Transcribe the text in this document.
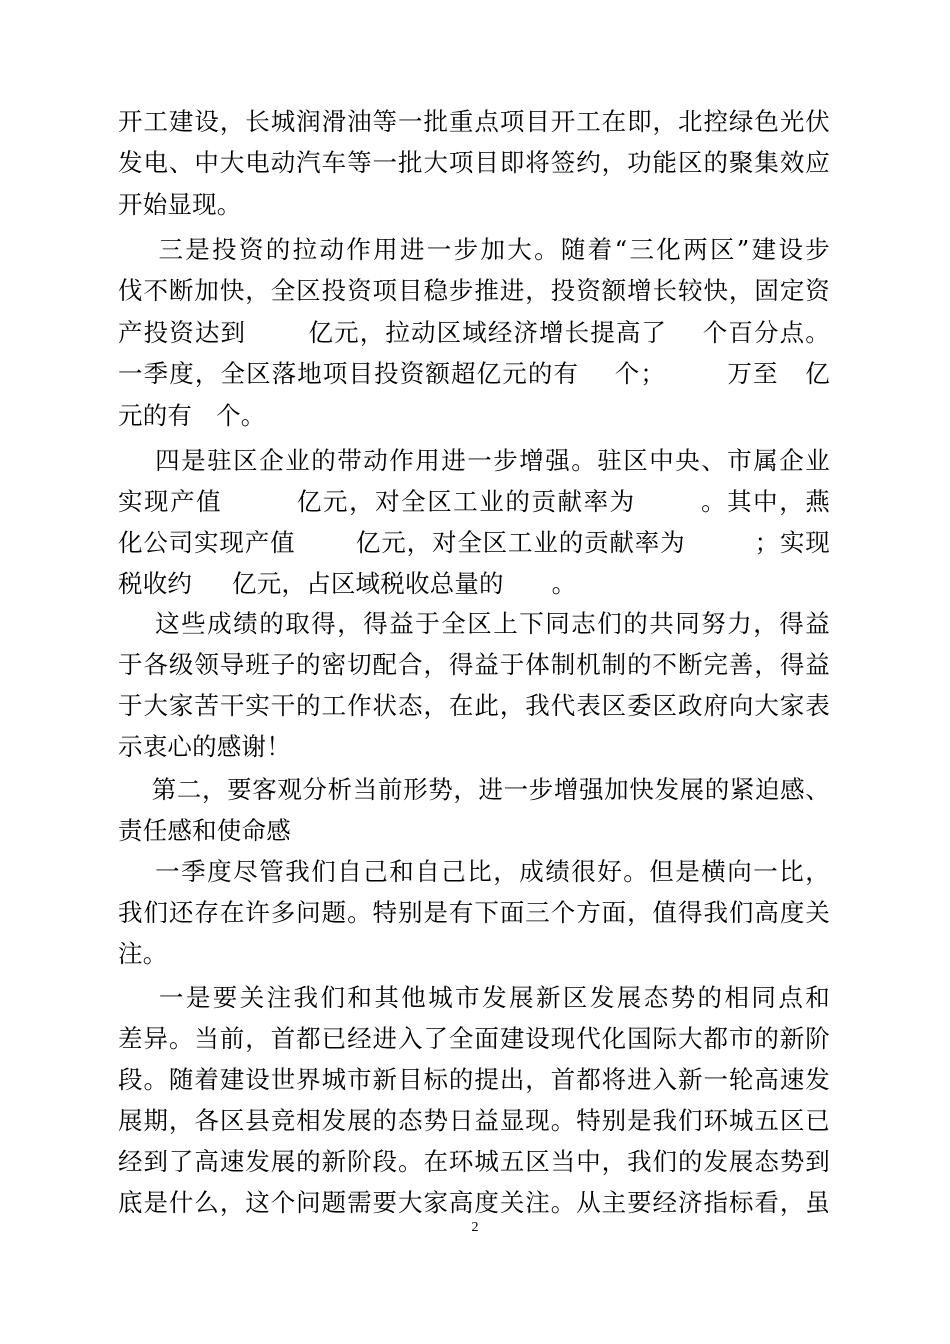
开工建设，长城润滑油等一批重点项目开工在即，北控绿色光伏
发电、中大电动汽车等一批大项目即将签约，功能区的聚集效应
开始显现。
三是投资的拉动作用进一步加大。随着“三化两区”建设步
伐不断加快，全区投资项目稳步推进，投资额增长较快，固定资
产投资达到       亿元，拉动区域经济增长提高了    个百分点。
一季度，全区落地项目投资额超亿元的有    个；       万至   亿
元的有   个。
四是驻区企业的带动作用进一步增强。驻区中央、市属企业
实现产值        亿元，对全区工业的贡献率为       。其中，燕
化公司实现产值       亿元，对全区工业的贡献率为        ；实现
税收约     亿元，占区域税收总量的      。
这些成绩的取得，得益于全区上下同志们的共同努力，得益
于各级领导班子的密切配合，得益于体制机制的不断完善，得益
于大家苦干实干的工作状态，在此，我代表区委区政府向大家表
示衷心的感谢！
第二，要客观分析当前形势，进一步增强加快发展的紧迫感、
责任感和使命感
一季度尽管我们自己和自己比，成绩很好。但是横向一比，
我们还存在许多问题。特别是有下面三个方面，值得我们高度关
注。
一是要关注我们和其他城市发展新区发展态势的相同点和
差异。当前，首都已经进入了全面建设现代化国际大都市的新阶
段。随着建设世界城市新目标的提出，首都将进入新一轮高速发
展期，各区县竞相发展的态势日益显现。特别是我们环城五区已
经到了高速发展的新阶段。在环城五区当中，我们的发展态势到
底是什么，这个问题需要大家高度关注。从主要经济指标看，虽
2
